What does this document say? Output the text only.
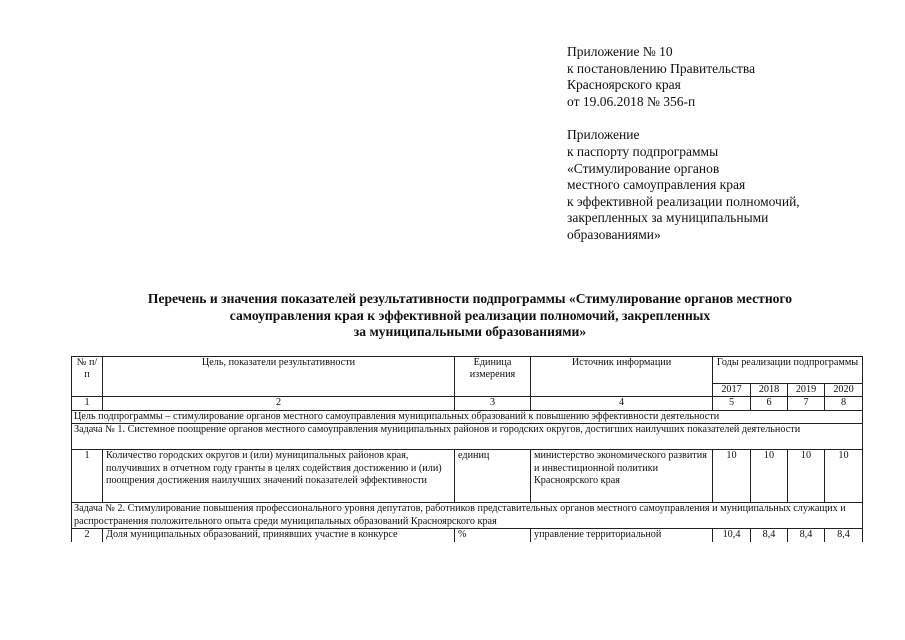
Приложение № 10
к постановлению Правительства
Красноярского края
от 19.06.2018 № 356-п
Приложение
к паспорту подпрограммы
«Стимулирование органов
местного самоуправления края
к эффективной реализации полномочий,
закрепленных за муниципальными
образованиями»
Перечень и значения показателей результативности подпрограммы «Стимулирование органов местного
самоуправления края к эффективной реализации полномочий, закрепленных
за муниципальными образованиями»
№ п/п	Цель, показатели результативности	Единица измерения	Источник информации	Годы реализации подпрограммы			
				2017	2018	2019	2020
1	2	3	4	5	6	7	8
Цель подпрограммы – стимулирование органов местного самоуправления муниципальных образований к повышению эффективности деятельности							
Задача № 1. Системное поощрение органов местного самоуправления муниципальных районов и городских округов, достигших наилучших показателей деятельности							
1	Количество городских округов и (или) муниципальных районов края, получивших в отчетном году гранты в целях содействия достижению и (или) поощрения достижения наилучших значений показателей эффективности	единиц	министерство экономического развития и инвестиционной политики Красноярского края	10	10	10	10
Задача № 2. Стимулирование повышения профессионального уровня депутатов, работников представительных органов местного самоуправления и муниципальных служащих и распространения положительного опыта среди муниципальных образований Красноярского края							
2	Доля муниципальных образований, принявших участие в конкурсе	%	управление территориальной	10,4	8,4	8,4	8,4
